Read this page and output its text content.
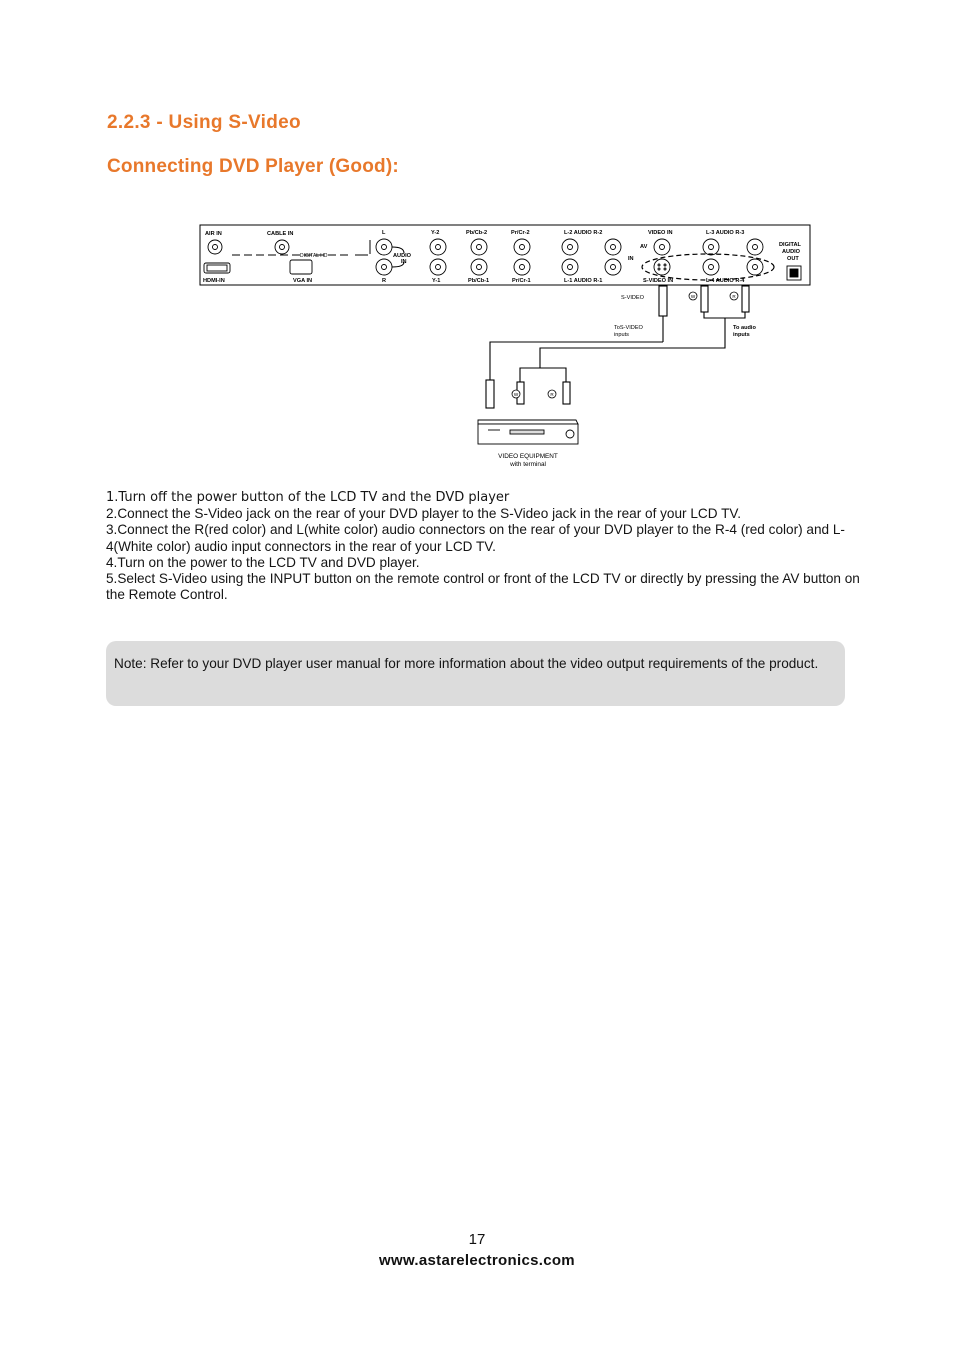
2.2.3 - Using S-Video
Connecting DVD Player (Good):
AIR IN	CABLE IN
HDMI-IN	VGA IN
DIGITAL HD
L
R
AUDIO
IN
Y-2
Y-1
Pb/Cb-2
Pb/Cb-1
Pr/Cr-2
Pr/Cr-1
L-2 AUDIO R-2
L-1 AUDIO R-1
VIDEO IN
AV
IN
S-VIDEO IN
L-3 AUDIO R-3
L-4 AUDIO R-4
DIGITAL
AUDIO
OUT
W	R
W	R
S-VIDEO
ToS-VIDEO
inputs
To audio
inputs
VIDEO EQUIPMENT
with terminal
1.Turn off the power button of the LCD TV and the DVD player
2.Connect the S-Video jack on the rear of your DVD player to the S-Video jack in the rear of your LCD TV.
3.Connect the R(red color) and L(white color) audio connectors on the rear of your DVD player to the R-4 (red color) and L-4(White color) audio input connectors in the rear of your LCD TV.
4.Turn on the power to the LCD TV and DVD player.
5.Select S-Video using the INPUT button on the remote control or front of the LCD TV or directly by pressing the AV button on the Remote Control.
Note: Refer to your DVD player user manual for more information about the video output requirements of the product.
17
www.astarelectronics.com
